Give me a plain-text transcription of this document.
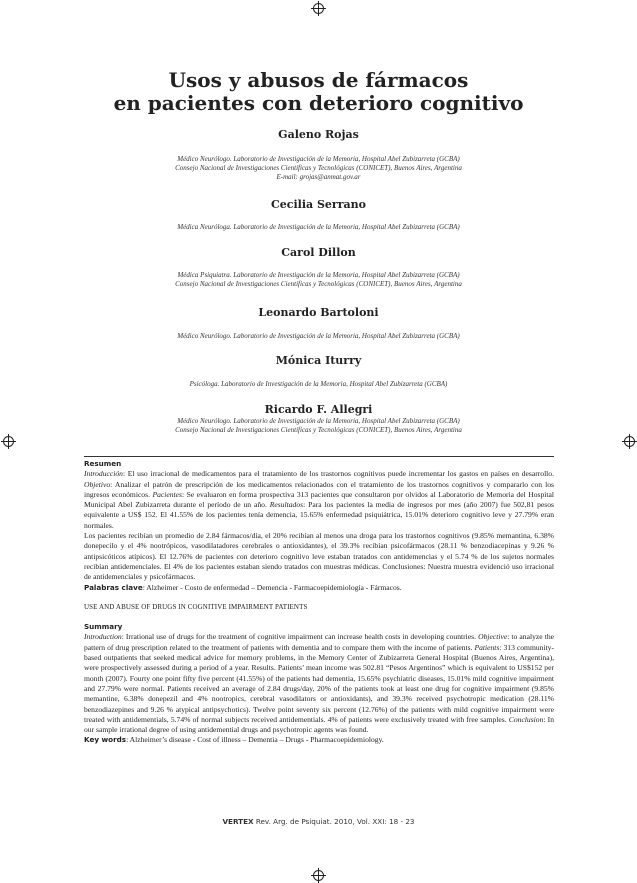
Usos y abusos de fármacos
en pacientes con deterioro cognitivo
Galeno Rojas
Médico Neurólogo. Laboratorio de Investigación de la Memoria, Hospital Abel Zubizarreta (GCBA)
Consejo Nacional de Investigaciones Científicas y Tecnológicas (CONICET), Buenos Aires, Argentina
E-mail: grojas@anmat.gov.ar
Cecilia Serrano
Médica Neuróloga. Laboratorio de Investigación de la Memoria, Hospital Abel Zubizarreta (GCBA)
Carol Dillon
Médica Psiquiatra. Laboratorio de Investigación de la Memoria, Hospital Abel Zubizarreta (GCBA)
Consejo Nacional de Investigaciones Científicas y Tecnológicas (CONICET), Buenos Aires, Argentina
Leonardo Bartoloni
Médico Neurólogo. Laboratorio de Investigación de la Memoria, Hospital Abel Zubizarreta (GCBA)
Mónica Iturry
Psicóloga. Laboratorio de Investigación de la Memoria, Hospital Abel Zubizarreta (GCBA)
Ricardo F. Allegri
Médico Neurólogo. Laboratorio de Investigación de la Memoria, Hospital Abel Zubizarreta (GCBA)
Consejo Nacional de Investigaciones Científicas y Tecnológicas (CONICET), Buenos Aires, Argentina

Resumen

Introducción: El uso irracional de medicamentos para el tratamiento de los trastornos cognitivos puede incrementar los gastos en países en desarrollo. Objetivo: Analizar el patrón de prescripción de los medicamentos relacionados con el tratamiento de los trastornos cognitivos y compararlo con los ingresos económicos. Pacientes: Se evaluaron en forma prospectiva 313 pacientes que consultaron por olvidos al Laboratorio de Memoria del Hospital Municipal Abel Zubizarreta durante el período de un año. Resultados: Para los pacientes la media de ingresos por mes (año 2007) fue 502,81 pesos equivalente a US$ 152. El 41.55% de los pacientes tenía demencia, 15.65% enfermedad psiquiátrica, 15.01% deterioro cognitivo leve y 27.79% eran normales.

Los pacientes recibían un promedio de 2.84 fármacos/día, el 20% recibían al menos una droga para los trastornos cognitivos (9.85% memantina, 6.38% donepecilo y el 4% nootrópicos, vasodilatadores cerebrales o antioxidantes), el 39.3% recibían psicofármacos (28.11 % benzodiacepinas y 9.26 % antipsicóticos atípicos). El 12.76% de pacientes con deterioro cognitivo leve estaban tratados con antidemencias y el 5.74 % de los sujetos normales recibían antidemenciales. El 4% de los pacientes estaban siendo tratados con muestras médicas. Conclusiones: Nuestra muestra evidenció uso irracional de antidemenciales y psicofármacos.

Palabras clave: Alzheimer - Costo de enfermedad – Demencia - Farmacoepidemiología - Fármacos.

USE AND ABUSE OF DRUGS IN COGNITIVE IMPAIRMENT PATIENTS

Summary

Introduction: Irrational use of drugs for the treatment of cognitive impairment can increase health costs in developing countries. Objective: to analyze the pattern of drug prescription related to the treatment of patients with dementia and to compare them with the income of patients. Patients: 313 community-based outpatients that seeked medical advice for memory problems, in the Memory Center of Zubizarreta General Hospital (Buenos Aires, Argentina), were prospectively assessed during a period of a year. Results. Patients’ mean income was 502.81 “Pesos Argentinos” which is equivalent to US$152 per month (2007). Fourty one point fifty five percent (41.55%) of the patients had dementia, 15.65% psychiatric diseases, 15.01% mild cognitive impairment and 27.79% were normal. Patients received an average of 2.84 drugs/day, 20% of the patients took at least one drug for cognitive impairment (9.85% memantine, 6.38% donepezil and 4% nootropics, cerebral vasodilators or antioxidants), and 39.3% received psychotropic medication (28.11% benzodiazepines and 9.26 % atypical antipsychotics). Twelve point seventy six percent (12.76%) of the patients with mild cognitive impairment were treated with antidementials, 5.74% of normal subjects received antidementials. 4% of patients were exclusively treated with free samples. Conclusion: In our sample irrational degree of using antidemential drugs and psychotropic agents was found.

Key words: Alzheimer’s disease - Cost of illness – Dementia – Drugs - Pharmacoepidemiology.

VERTEX Rev. Arg. de Psiquiat. 2010, Vol. XXI: 18 - 23
